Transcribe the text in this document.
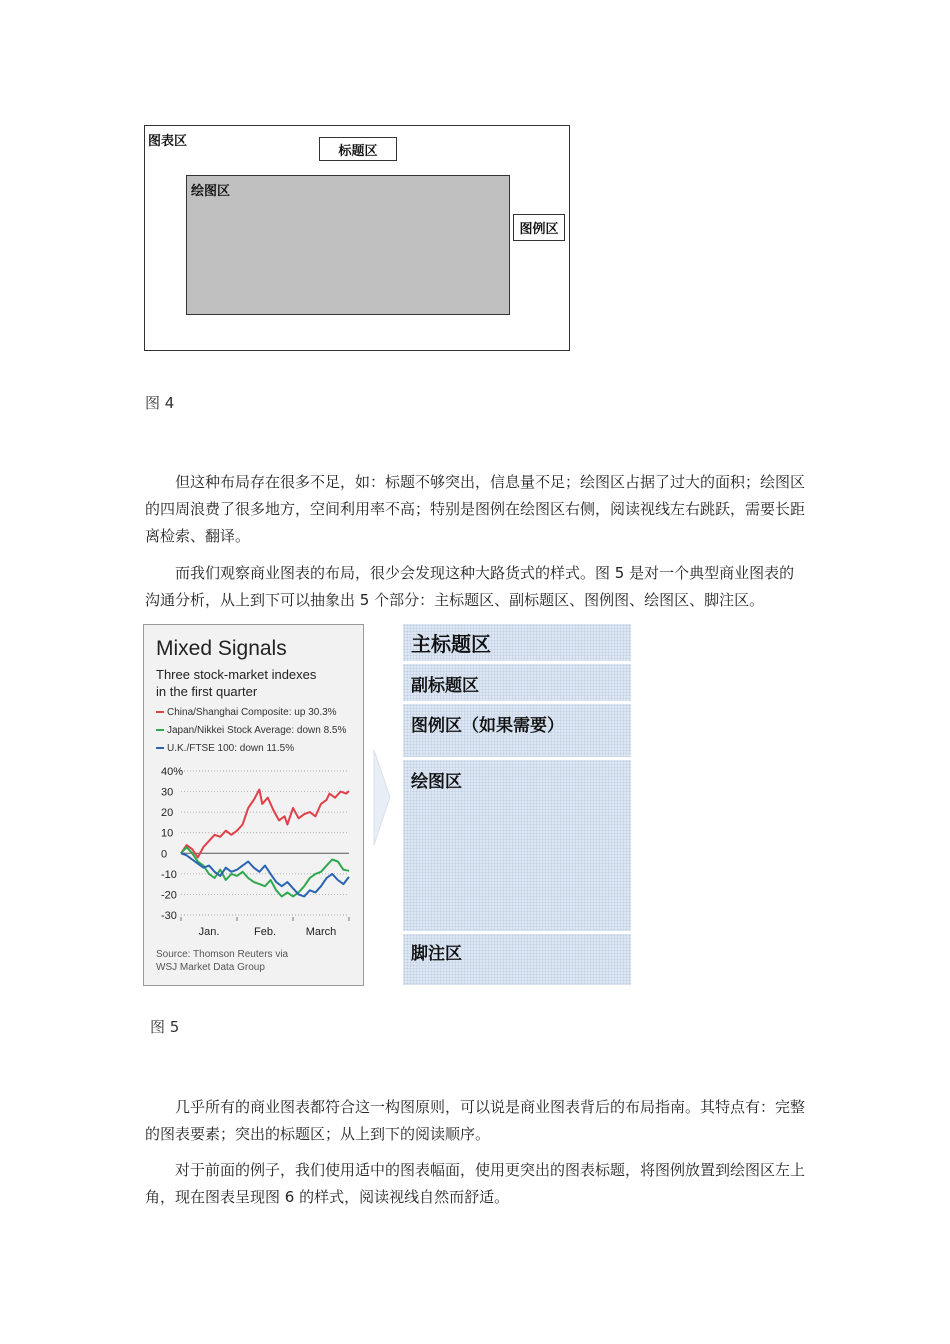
图表区
标题区
绘图区
图例区
图 4

但这种布局存在很多不足，如：标题不够突出，信息量不足；绘图区占据了过大的面积；绘图区的四周浪费了很多地方，空间利用率不高；特别是图例在绘图区右侧，阅读视线左右跳跃，需要长距离检索、翻译。

而我们观察商业图表的布局，很少会发现这种大路货式的样式。图 5 是对一个典型商业图表的沟通分析，从上到下可以抽象出 5 个部分：主标题区、副标题区、图例图、绘图区、脚注区。

Mixed Signals
Three stock-market indexes
in the first quarter
China/Shanghai Composite: up 30.3%
Japan/Nikkei Stock Average: down 8.5%
U.K./FTSE 100: down 11.5%
40%
30
20
10
0
-10
-20
-30
Jan.	Feb.	March
Source: Thomson Reuters via
WSJ Market Data Group
主标题区
副标题区
图例区（如果需要）
绘图区
脚注区
图 5

几乎所有的商业图表都符合这一构图原则，可以说是商业图表背后的布局指南。其特点有：完整的图表要素；突出的标题区；从上到下的阅读顺序。

对于前面的例子，我们使用适中的图表幅面，使用更突出的图表标题，将图例放置到绘图区左上角，现在图表呈现图 6 的样式，阅读视线自然而舒适。
